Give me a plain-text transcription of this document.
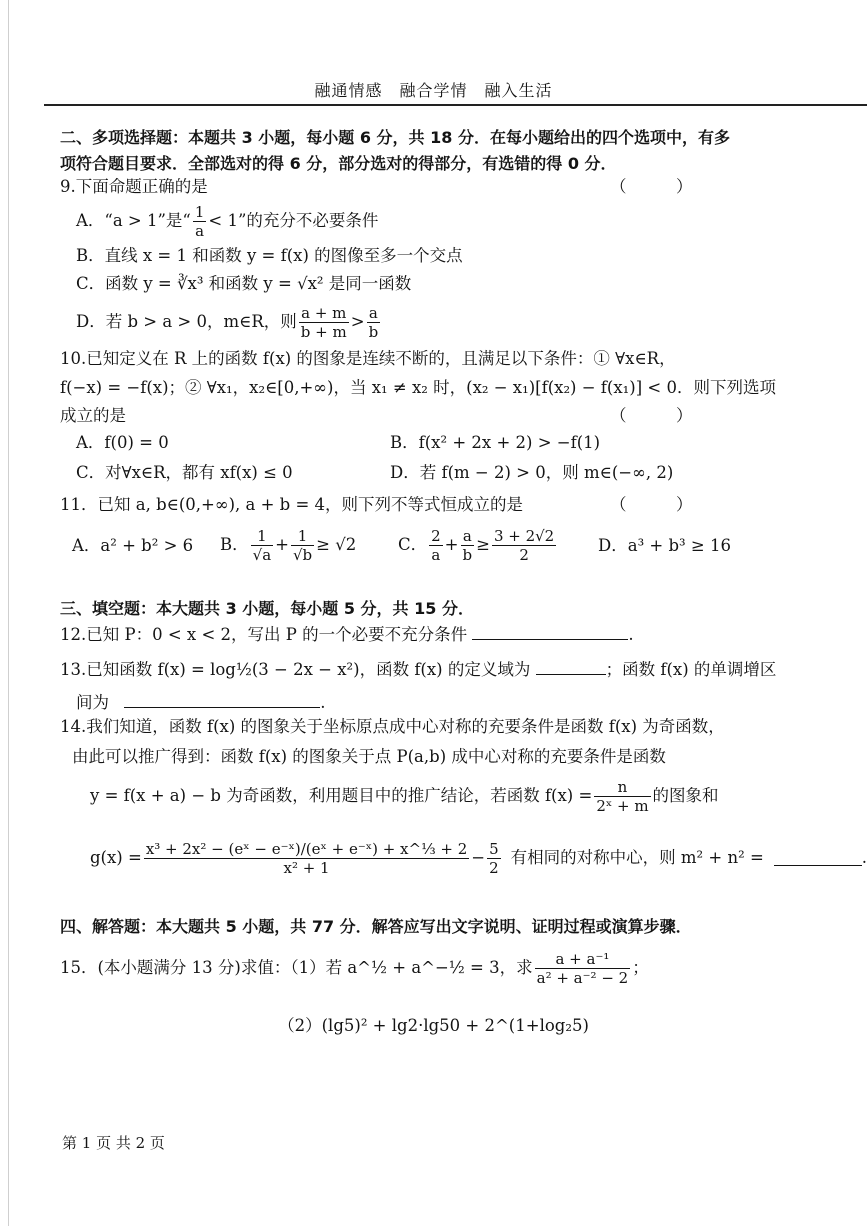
融通情感　融合学情　融入生活
二、多项选择题：本题共 3 小题，每小题 6 分，共 18 分．在每小题给出的四个选项中，有多
项符合题目要求．全部选对的得 6 分，部分选对的得部分，有选错的得 0 分．
9.下面命题正确的是	（　　　）
A．“a > 1”是“ $\frac{1}{a} < 1$”的充分不必要条件
B．直线 x = 1 和函数 y = f(x) 的图像至多一个交点
C．函数 y = ∛x³ 和函数 y = √x² 是同一函数
D．若 b > a > 0，m∈R，则 $\frac{a + m}{b + m} > \frac{a}{b}$
10.已知定义在 R 上的函数 f(x) 的图象是连续不断的，且满足以下条件：① ∀x∈R，
f(−x) = −f(x)；② ∀x₁，x₂∈[0,+∞)，当 x₁ ≠ x₂ 时，(x₂ − x₁)[f(x₂) − f(x₁)] < 0．则下列选项
成立的是	（　　　）
A．f(0) = 0	B．f(x² + 2x + 2) > −f(1)
C．对∀x∈R，都有 xf(x) ≤ 0	D．若 f(m − 2) > 0，则 m∈(−∞, 2)
11．已知 a, b∈(0,+∞), a + b = 4，则下列不等式恒成立的是	（　　　）
A．a² + b² > 6 B． $\frac{1}{√a} + \frac{1}{√b} \ge √2$	C． $\frac{2}{a} + \frac{a}{b} \ge \frac{3 + 2√2}{2}$	D．a³ + b³ ≥ 16
三、填空题：本大题共 3 小题，每小题 5 分，共 15 分．
12.已知 P：0 < x < 2，写出 P 的一个必要不充分条件	.
13.已知函数 f(x) = log½(3 − 2x − x²)，函数 f(x) 的定义域为	；函数 f(x) 的单调增区
间为	.
14.我们知道，函数 f(x) 的图象关于坐标原点成中心对称的充要条件是函数 f(x) 为奇函数，
由此可以推广得到：函数 f(x) 的图象关于点 P(a,b) 成中心对称的充要条件是函数
y = f(x + a) − b 为奇函数，利用题目中的推广结论，若函数 $f(x) = \frac{n}{\text{2ˣ + m}}$ 的图象和
$g(x) = \frac{\text{x³ + 2x² − (eˣ − e⁻ˣ)/(eˣ + e⁻ˣ) + x\textasciicircum{}⅓ + 2}}{\text{x² + 1}} - \frac{5}{2}$ 有相同的对称中心，则 m² + n² =	.
四、解答题：本大题共 5 小题，共 77 分．解答应写出文字说明、证明过程或演算步骤．
15．(本小题满分 13 分)求值：（1）若 a^½ + a^−½ = 3，求 $\frac{\text{a + a⁻¹}}{\text{a² + a⁻² − 2}}$ ；
（2）(lg5)² + lg2·lg50 + 2^(1+log₂5)
第 1 页 共 2 页
